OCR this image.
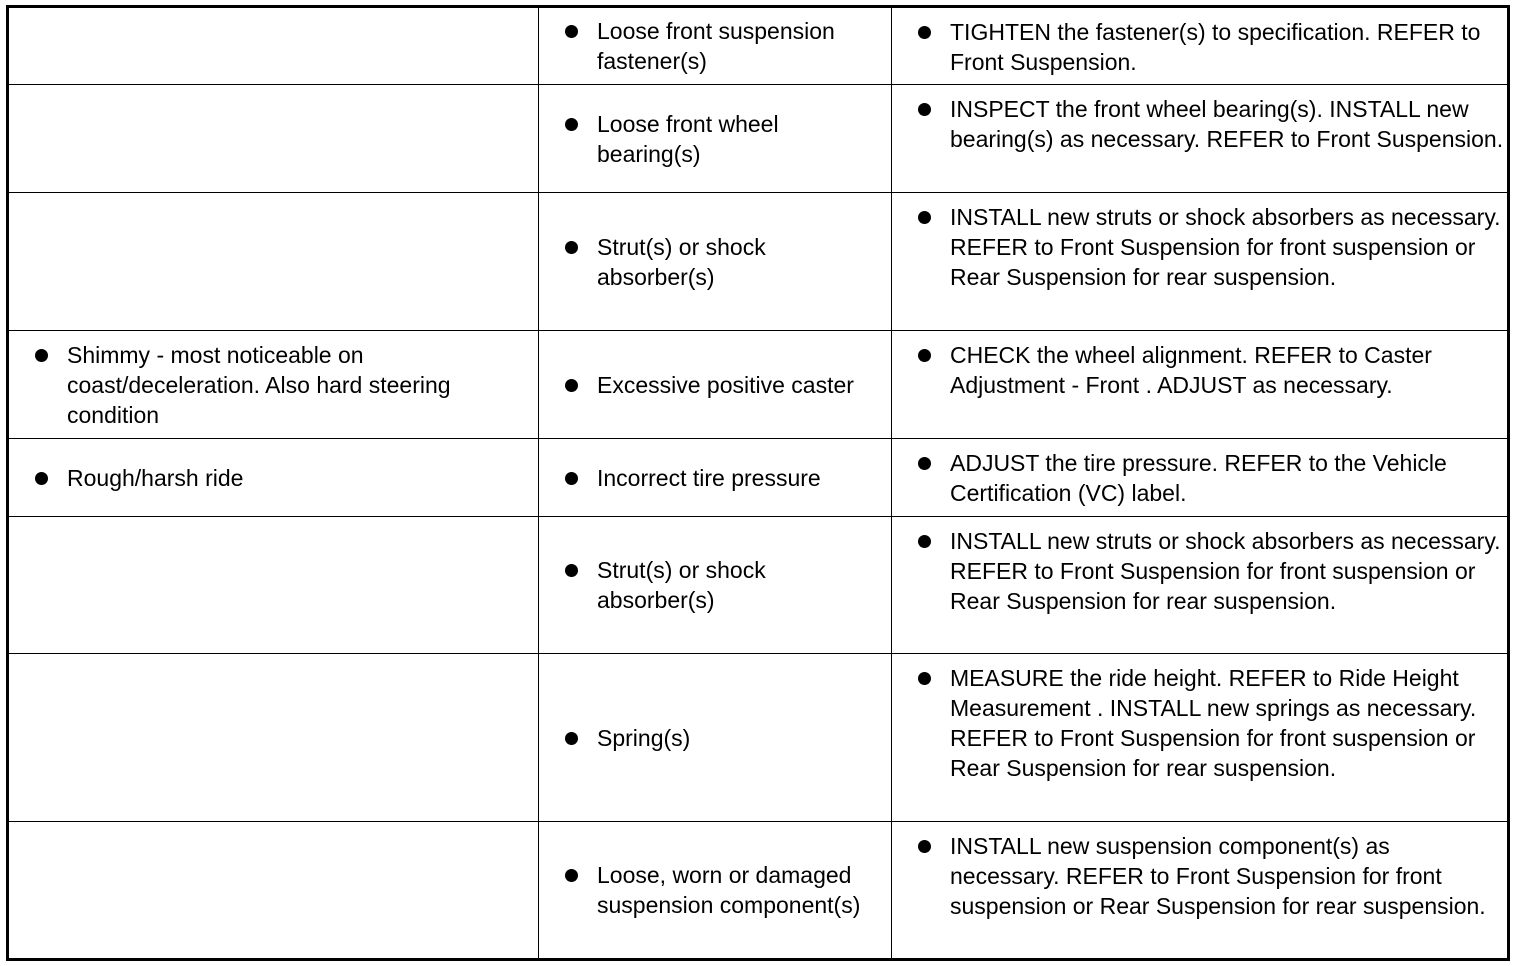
	Loose front suspension fastener(s)	TIGHTEN the fastener(s) to specification. REFER to Front Suspension.

	Loose front wheel bearing(s)	INSPECT the front wheel bearing(s). INSTALL new bearing(s) as necessary. REFER to Front Suspension.

	Strut(s) or shock absorber(s)	INSTALL new struts or shock absorbers as necessary. REFER to Front Suspension for front suspension or Rear Suspension for rear suspension.

Shimmy - most noticeable on coast/deceleration. Also hard steering condition	Excessive positive caster	CHECK the wheel alignment. REFER to Caster Adjustment - Front . ADJUST as necessary.

Rough/harsh ride	Incorrect tire pressure	ADJUST the tire pressure. REFER to the Vehicle Certification (VC) label.

	Strut(s) or shock absorber(s)	INSTALL new struts or shock absorbers as necessary. REFER to Front Suspension for front suspension or Rear Suspension for rear suspension.

	Spring(s)	MEASURE the ride height. REFER to Ride Height Measurement . INSTALL new springs as necessary. REFER to Front Suspension for front suspension or Rear Suspension for rear suspension.

	Loose, worn or damaged suspension component(s)	INSTALL new suspension component(s) as necessary. REFER to Front Suspension for front suspension or Rear Suspension for rear suspension.
